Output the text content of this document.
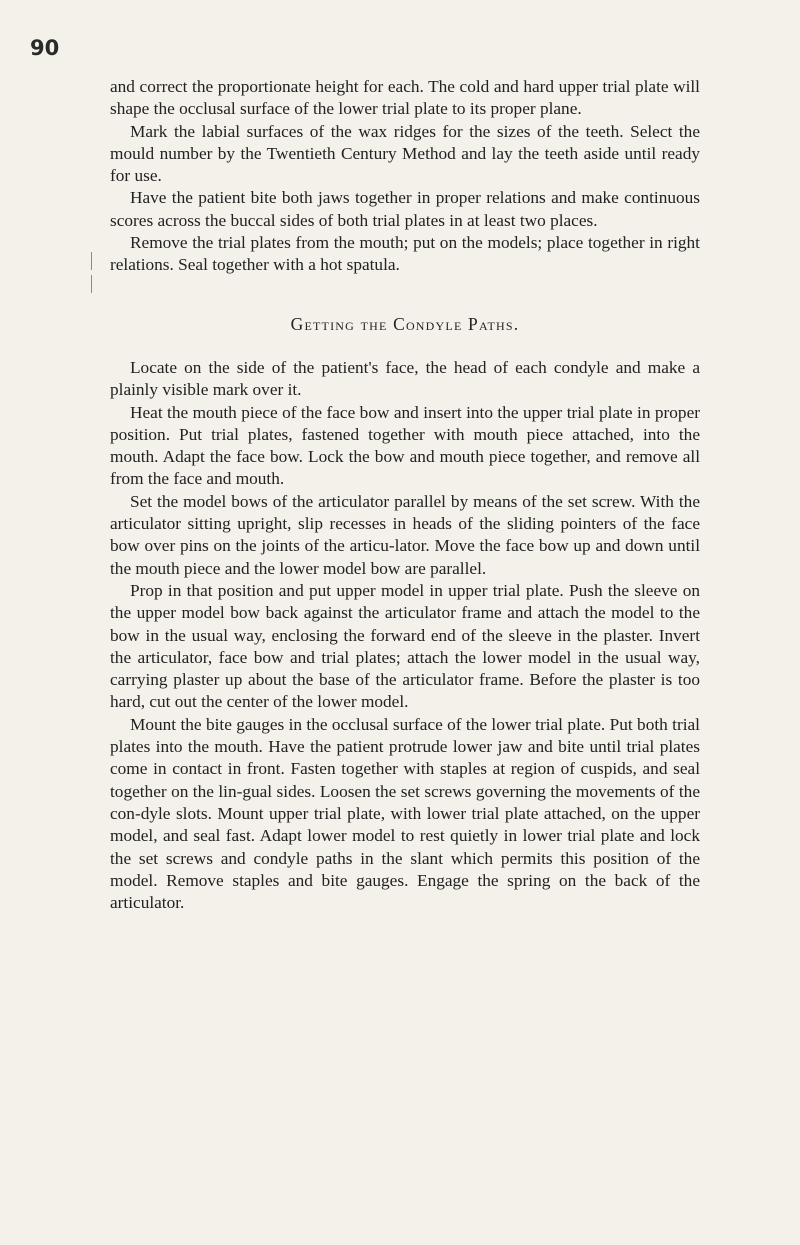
90

and correct the proportionate height for each. The cold and hard upper trial plate will shape the occlusal surface of the lower trial plate to its proper plane.

Mark the labial surfaces of the wax ridges for the sizes of the teeth. Select the mould number by the Twentieth Century Method and lay the teeth aside until ready for use.

Have the patient bite both jaws together in proper relations and make continuous scores across the buccal sides of both trial plates in at least two places.

Remove the trial plates from the mouth; put on the models; place together in right relations. Seal together with a hot spatula.

Getting the Condyle Paths.

Locate on the side of the patient's face, the head of each condyle and make a plainly visible mark over it.

Heat the mouth piece of the face bow and insert into the upper trial plate in proper position. Put trial plates, fastened together with mouth piece attached, into the mouth. Adapt the face bow. Lock the bow and mouth piece together, and remove all from the face and mouth.

Set the model bows of the articulator parallel by means of the set screw. With the articulator sitting upright, slip recesses in heads of the sliding pointers of the face bow over pins on the joints of the articu-lator. Move the face bow up and down until the mouth piece and the lower model bow are parallel.

Prop in that position and put upper model in upper trial plate. Push the sleeve on the upper model bow back against the articulator frame and attach the model to the bow in the usual way, enclosing the forward end of the sleeve in the plaster. Invert the articulator, face bow and trial plates; attach the lower model in the usual way, carrying plaster up about the base of the articulator frame. Before the plaster is too hard, cut out the center of the lower model.

Mount the bite gauges in the occlusal surface of the lower trial plate. Put both trial plates into the mouth. Have the patient protrude lower jaw and bite until trial plates come in contact in front. Fasten together with staples at region of cuspids, and seal together on the lin-gual sides. Loosen the set screws governing the movements of the con-dyle slots. Mount upper trial plate, with lower trial plate attached, on the upper model, and seal fast. Adapt lower model to rest quietly in lower trial plate and lock the set screws and condyle paths in the slant which permits this position of the model. Remove staples and bite gauges. Engage the spring on the back of the articulator.
